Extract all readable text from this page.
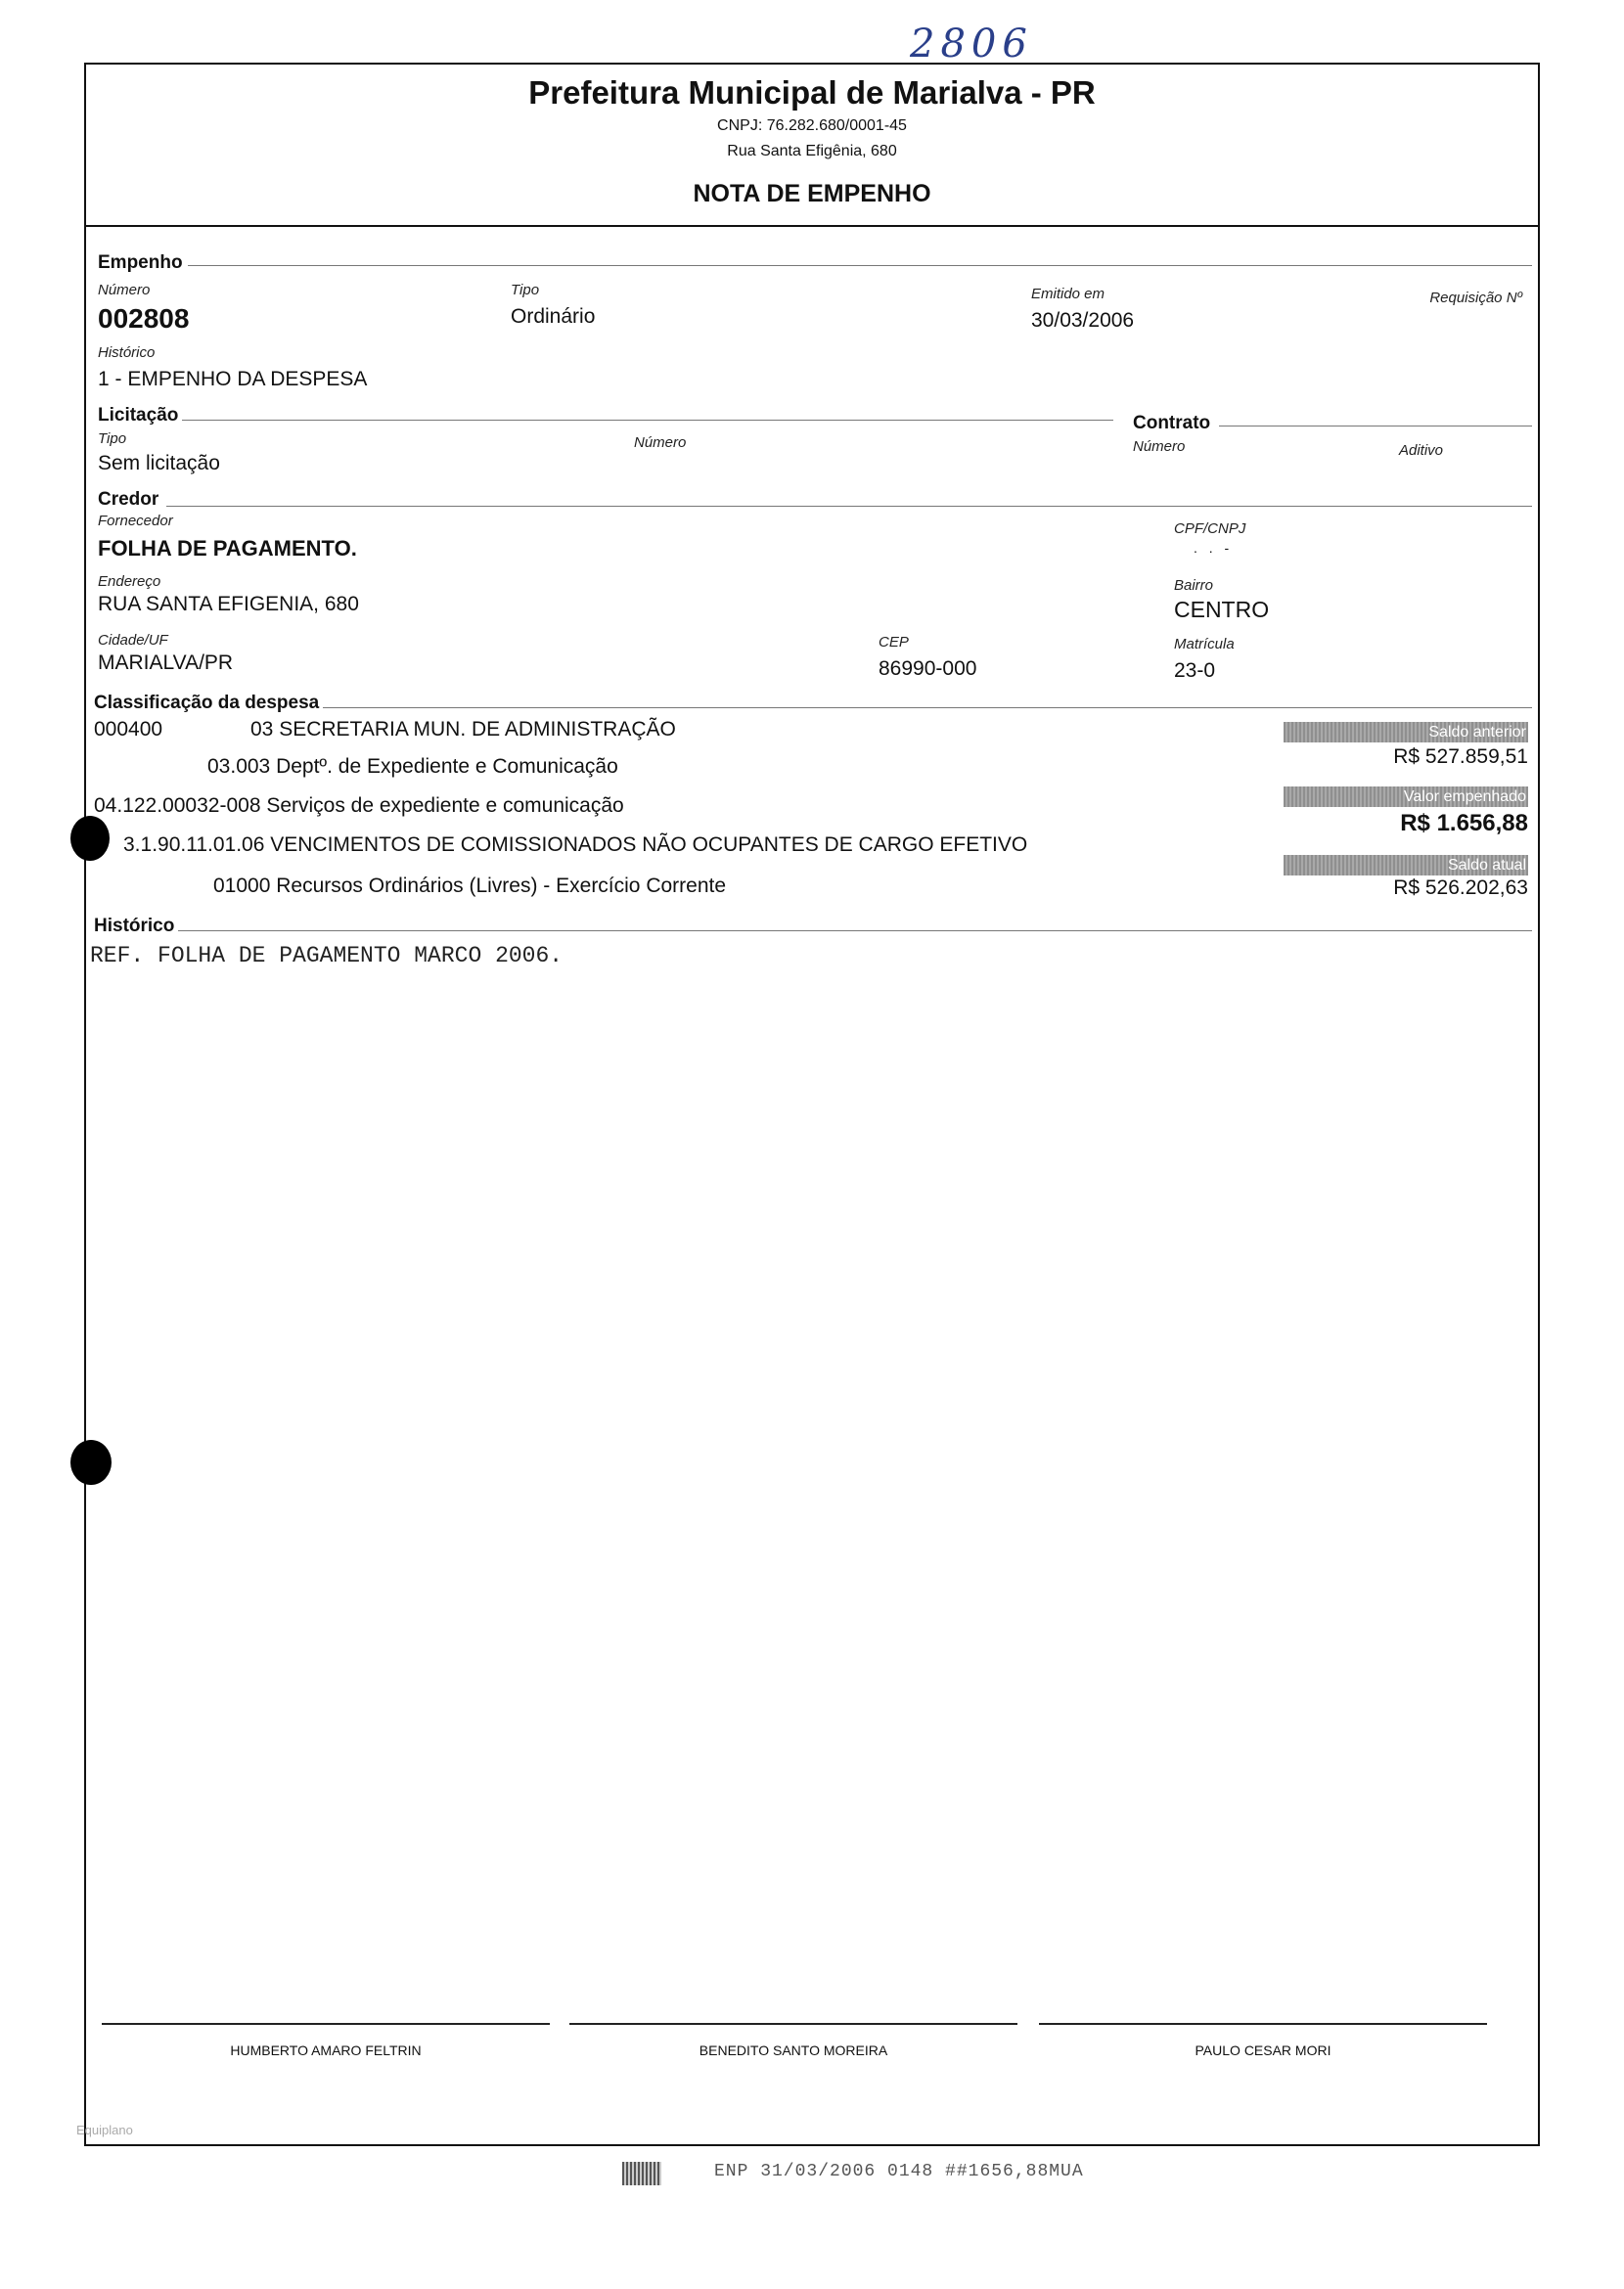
2806
Prefeitura Municipal de Marialva - PR
CNPJ: 76.282.680/0001-45
Rua Santa Efigênia, 680
NOTA DE EMPENHO
Empenho
Número
002808
Tipo
Ordinário
Emitido em
30/03/2006
Requisição Nº
Histórico
1 - EMPENHO DA DESPESA
Licitação
Tipo
Sem licitação
Número
Contrato
Número	Aditivo
Credor
Fornecedor
FOLHA DE PAGAMENTO.
CPF/CNPJ
. . -
Endereço
RUA SANTA EFIGENIA, 680
Bairro
CENTRO
Cidade/UF
MARIALVA/PR
CEP
86990-000
Matrícula
23-0
Classificação da despesa
000400	03 SECRETARIA MUN. DE ADMINISTRAÇÃO
03.003 Deptº. de Expediente e Comunicação
04.122.00032-008 Serviços de expediente e comunicação
3.1.90.11.01.06 VENCIMENTOS DE COMISSIONADOS NÃO OCUPANTES DE CARGO EFETIVO
01000 Recursos Ordinários (Livres) - Exercício Corrente
Saldo anterior
R$ 527.859,51
Valor empenhado
R$ 1.656,88
Saldo atual
R$ 526.202,63
Histórico
REF. FOLHA DE PAGAMENTO MARCO 2006.
HUMBERTO AMARO FELTRIN	BENEDITO SANTO MOREIRA	PAULO CESAR MORI
Equiplano
ENP 31/03/2006 0148 ##1656,88MUA
